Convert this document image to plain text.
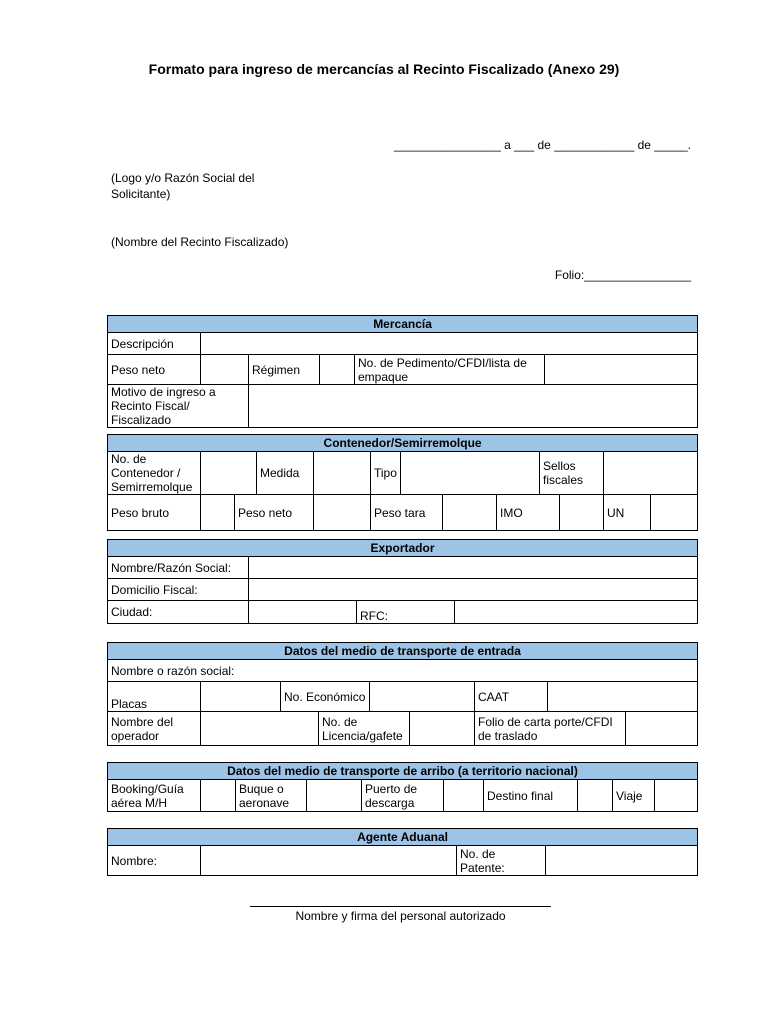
Formato para ingreso de mercancías al Recinto Fiscalizado (Anexo 29)
________________ a ___ de ____________ de _____.
(Logo y/o Razón Social del Solicitante)
(Nombre del Recinto Fiscalizado)
Folio:________________
Mercancía					
Descripción					
Peso neto		Régimen		No. de Pedimento/CFDI/lista de empaque	
Motivo de ingreso a Recinto Fiscal/ Fiscalizado					
Contenedor/Semirremolque												
No. de Contenedor / Semirremolque			Medida		Tipo				Sellos fiscales			
Peso bruto		Peso neto			Peso tara			IMO			UN	
Exportador			
Nombre/Razón Social:			
Domicilio Fiscal:			
Ciudad:		RFC:	
Datos del medio de transporte de entrada								
Nombre o razón social:								
Placas		No. Económico				CAAT		
Nombre del operador			No. de Licencia/gafete			Folio de carta porte/CFDI de traslado		
Datos del medio de transporte de arribo (a territorio nacional)
Booking/Guía aérea M/H		Buque o aeronave		Puerto de descarga		Destino final		Viaje	
Agente Aduanal
Nombre:		No. de Patente:	
Nombre y firma del personal autorizado
